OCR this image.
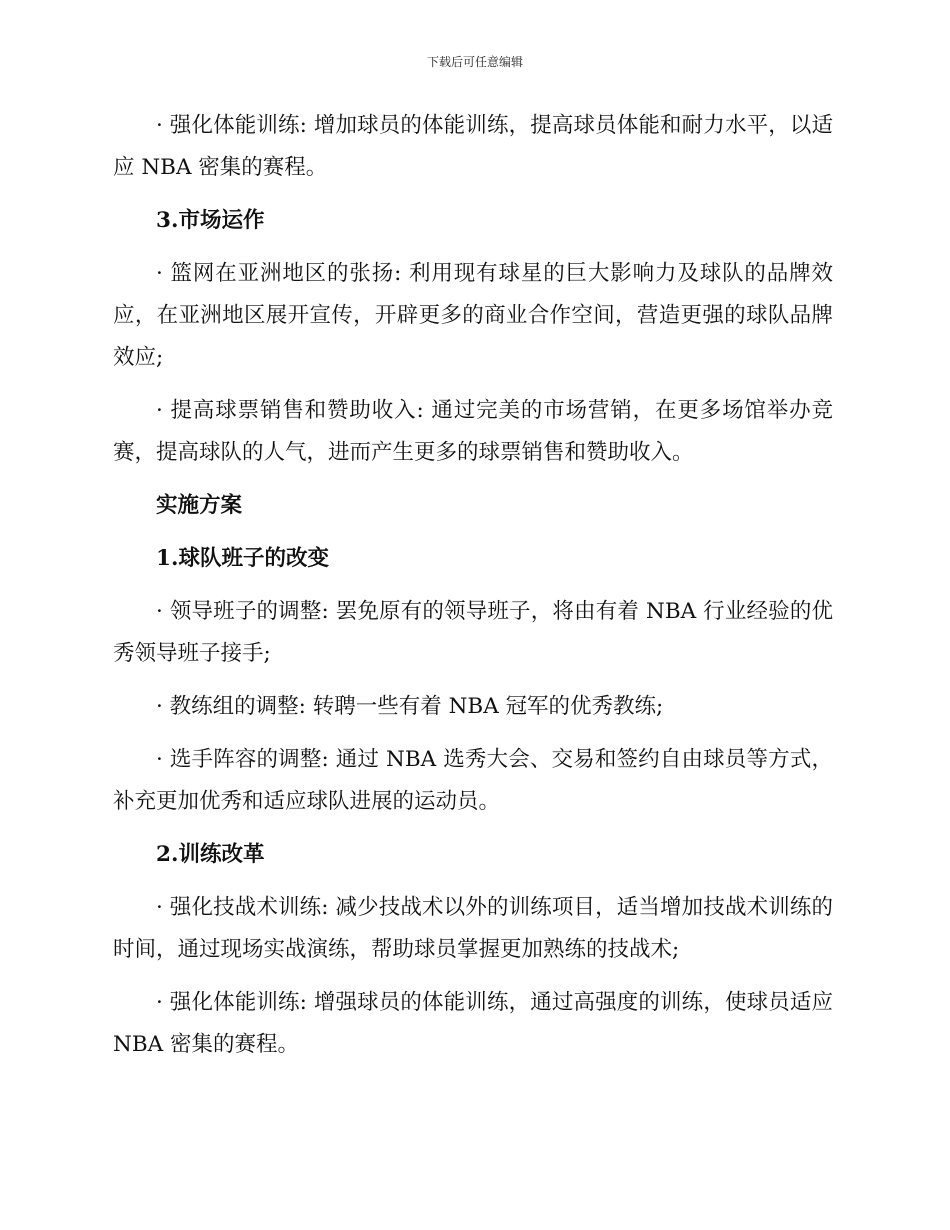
下载后可任意编辑

· 强化体能训练: 增加球员的体能训练，提高球员体能和耐力水平，以适应 NBA 密集的赛程。

3.市场运作

· 篮网在亚洲地区的张扬: 利用现有球星的巨大影响力及球队的品牌效应，在亚洲地区展开宣传，开辟更多的商业合作空间，营造更强的球队品牌效应;

· 提高球票销售和赞助收入: 通过完美的市场营销，在更多场馆举办竞赛，提高球队的人气，进而产生更多的球票销售和赞助收入。

实施方案

1.球队班子的改变

· 领导班子的调整: 罢免原有的领导班子，将由有着 NBA 行业经验的优秀领导班子接手;

· 教练组的调整: 转聘一些有着 NBA 冠军的优秀教练;

· 选手阵容的调整: 通过 NBA 选秀大会、交易和签约自由球员等方式，补充更加优秀和适应球队进展的运动员。

2.训练改革

· 强化技战术训练: 减少技战术以外的训练项目，适当增加技战术训练的时间，通过现场实战演练，帮助球员掌握更加熟练的技战术;

· 强化体能训练: 增强球员的体能训练，通过高强度的训练，使球员适应 NBA 密集的赛程。
